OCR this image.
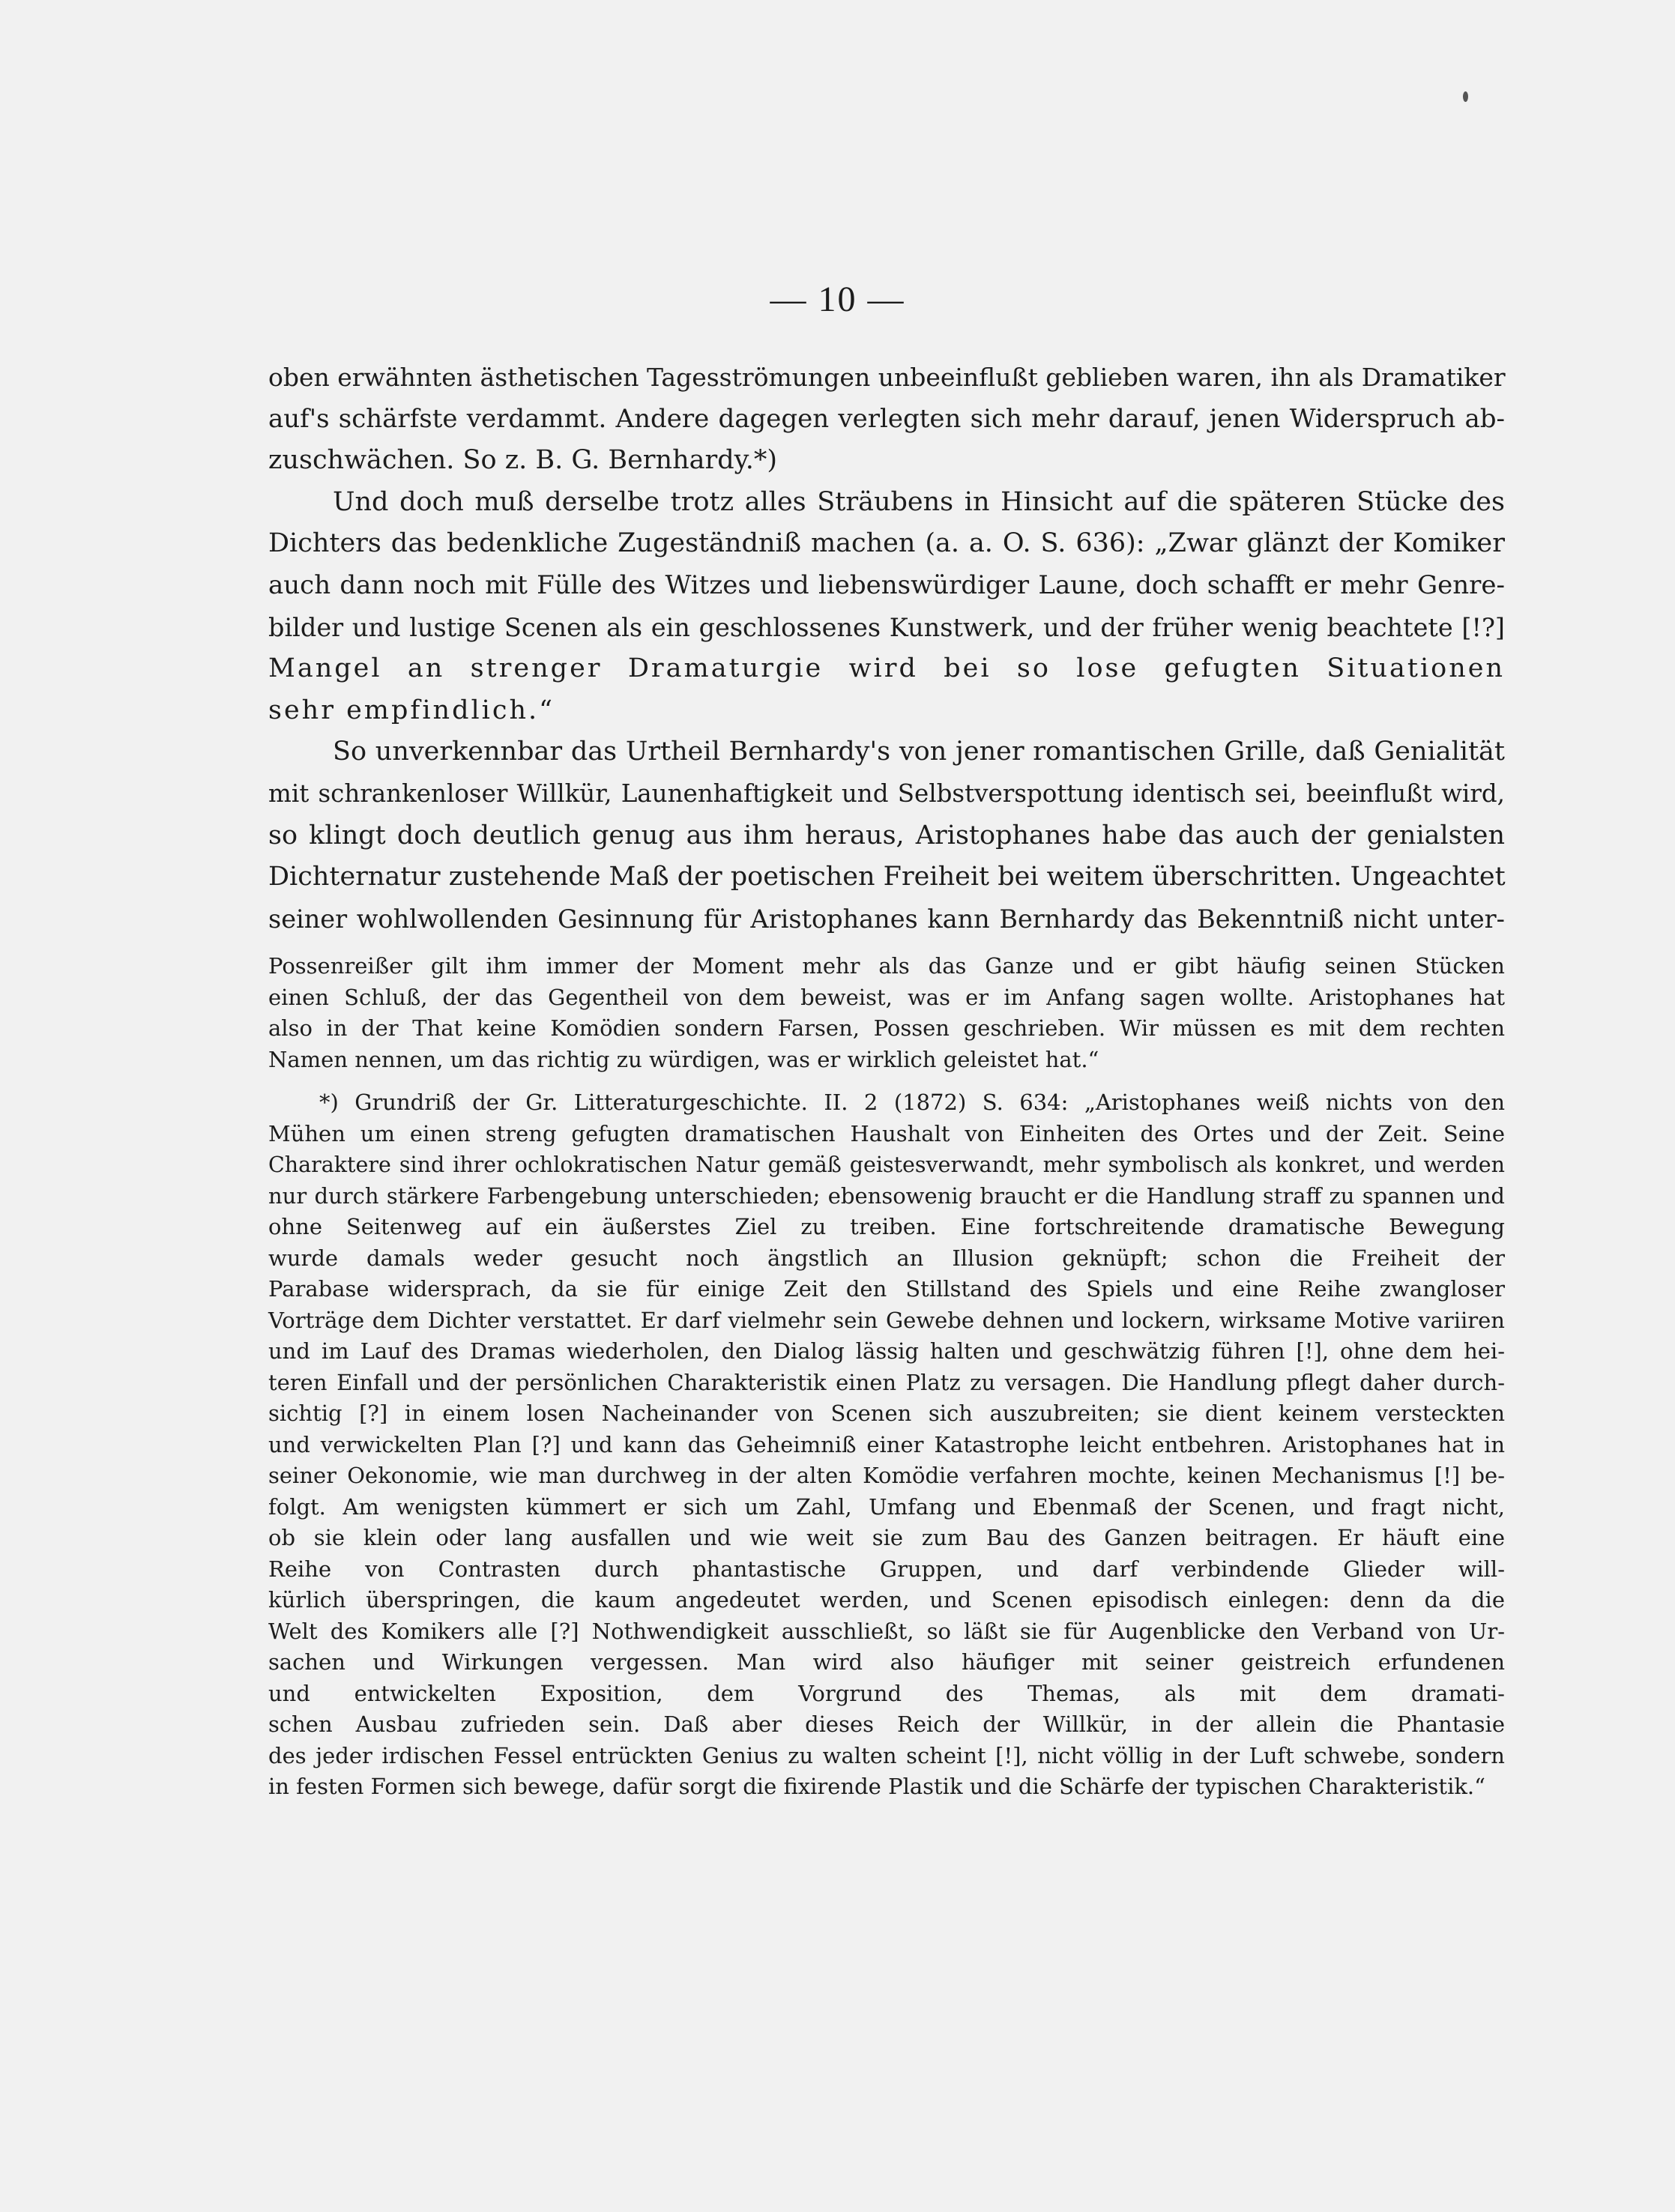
— 10 —
oben erwähnten ästhetischen Tagesströmungen unbeeinflußt geblieben waren, ihn als Dramatiker
auf's schärfste verdammt. Andere dagegen verlegten sich mehr darauf, jenen Widerspruch ab-
zuschwächen. So z. B. G. Bernhardy.*)
Und doch muß derselbe trotz alles Sträubens in Hinsicht auf die späteren Stücke des
Dichters das bedenkliche Zugeständniß machen (a. a. O. S. 636): „Zwar glänzt der Komiker
auch dann noch mit Fülle des Witzes und liebenswürdiger Laune, doch schafft er mehr Genre-
bilder und lustige Scenen als ein geschlossenes Kunstwerk, und der früher wenig beachtete [!?]
Mangel an strenger Dramaturgie wird bei so lose gefugten Situationen
sehr empfindlich.“
So unverkennbar das Urtheil Bernhardy's von jener romantischen Grille, daß Genialität
mit schrankenloser Willkür, Launenhaftigkeit und Selbstverspottung identisch sei, beeinflußt wird,
so klingt doch deutlich genug aus ihm heraus, Aristophanes habe das auch der genialsten
Dichternatur zustehende Maß der poetischen Freiheit bei weitem überschritten. Ungeachtet
seiner wohlwollenden Gesinnung für Aristophanes kann Bernhardy das Bekenntniß nicht unter-
Possenreißer gilt ihm immer der Moment mehr als das Ganze und er gibt häufig seinen Stücken
einen Schluß, der das Gegentheil von dem beweist, was er im Anfang sagen wollte. Aristophanes hat
also in der That keine Komödien sondern Farsen, Possen geschrieben. Wir müssen es mit dem rechten
Namen nennen, um das richtig zu würdigen, was er wirklich geleistet hat.“
*) Grundriß der Gr. Litteraturgeschichte. II. 2 (1872) S. 634: „Aristophanes weiß nichts von den
Mühen um einen streng gefugten dramatischen Haushalt von Einheiten des Ortes und der Zeit. Seine
Charaktere sind ihrer ochlokratischen Natur gemäß geistesverwandt, mehr symbolisch als konkret, und werden
nur durch stärkere Farbengebung unterschieden; ebensowenig braucht er die Handlung straff zu spannen und
ohne Seitenweg auf ein äußerstes Ziel zu treiben. Eine fortschreitende dramatische Bewegung
wurde damals weder gesucht noch ängstlich an Illusion geknüpft; schon die Freiheit der
Parabase widersprach, da sie für einige Zeit den Stillstand des Spiels und eine Reihe zwangloser
Vorträge dem Dichter verstattet. Er darf vielmehr sein Gewebe dehnen und lockern, wirksame Motive variiren
und im Lauf des Dramas wiederholen, den Dialog lässig halten und geschwätzig führen [!], ohne dem hei-
teren Einfall und der persönlichen Charakteristik einen Platz zu versagen. Die Handlung pflegt daher durch-
sichtig [?] in einem losen Nacheinander von Scenen sich auszubreiten; sie dient keinem versteckten
und verwickelten Plan [?] und kann das Geheimniß einer Katastrophe leicht entbehren. Aristophanes hat in
seiner Oekonomie, wie man durchweg in der alten Komödie verfahren mochte, keinen Mechanismus [!] be-
folgt. Am wenigsten kümmert er sich um Zahl, Umfang und Ebenmaß der Scenen, und fragt nicht,
ob sie klein oder lang ausfallen und wie weit sie zum Bau des Ganzen beitragen. Er häuft eine
Reihe von Contrasten durch phantastische Gruppen, und darf verbindende Glieder will-
kürlich überspringen, die kaum angedeutet werden, und Scenen episodisch einlegen: denn da die
Welt des Komikers alle [?] Nothwendigkeit ausschließt, so läßt sie für Augenblicke den Verband von Ur-
sachen und Wirkungen vergessen. Man wird also häufiger mit seiner geistreich erfundenen
und entwickelten Exposition, dem Vorgrund des Themas, als mit dem dramati-
schen Ausbau zufrieden sein. Daß aber dieses Reich der Willkür, in der allein die Phantasie
des jeder irdischen Fessel entrückten Genius zu walten scheint [!], nicht völlig in der Luft schwebe, sondern
in festen Formen sich bewege, dafür sorgt die fixirende Plastik und die Schärfe der typischen Charakteristik.“
